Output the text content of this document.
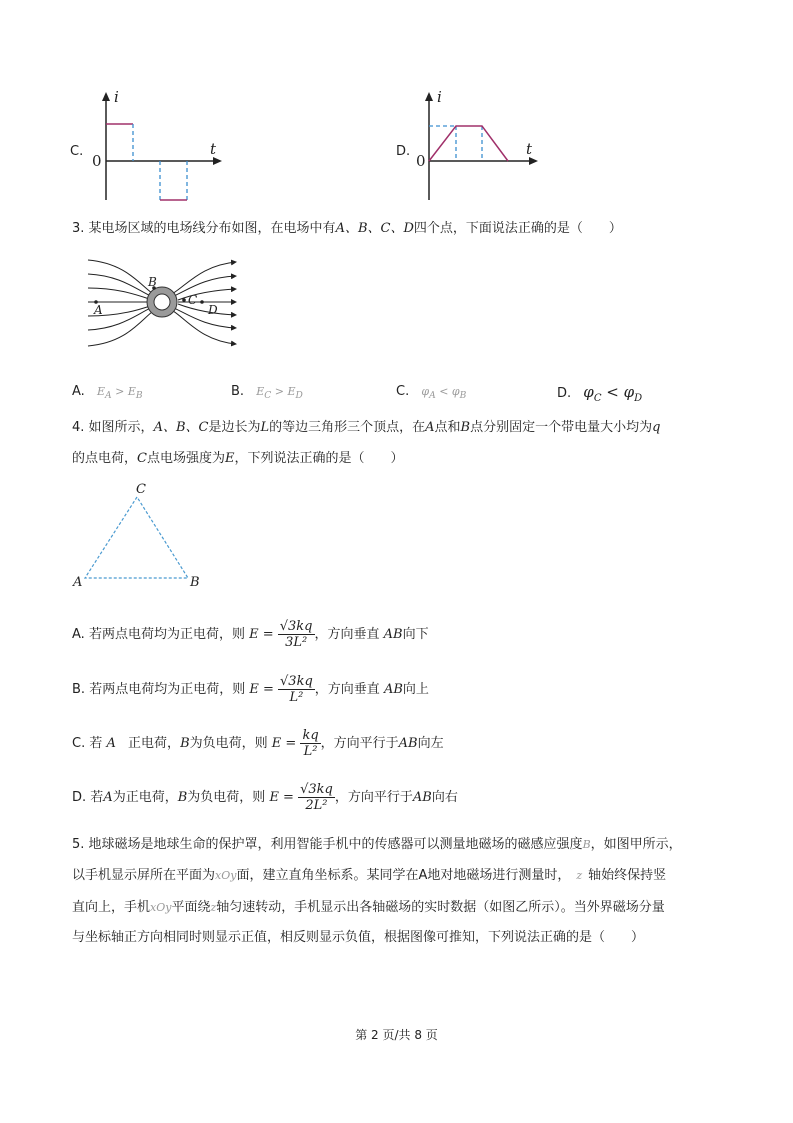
C.
i
t
0
D.
i
t
0
3. 某电场区域的电场线分布如图，在电场中有A、B、C、D四个点，下面说法正确的是（　　）
A
B
C
D
A. $E_A > E_B$	B. $E_C > E_D$	C. $\varphi_A < \varphi_B$	D. $\varphi_C < \varphi_D$
4. 如图所示，A、B、C是边长为L的等边三角形三个顶点，在A点和B点分别固定一个带电量大小均为q
的点电荷，C点电场强度为E，下列说法正确的是（　　）
C
A	B
A. 若两点电荷均为正电荷，则 $E = \frac{√3kq}{\text{3L²}}$ ，方向垂直 AB向下
B. 若两点电荷均为正电荷，则 $E = \frac{√3kq}{\text{L²}}$ ，方向垂直 AB向上
C. 若 A 正电荷，B为负电荷，则 $E = \frac{kq}{\text{L²}}$ ，方向平行于AB向左
D. 若A为正电荷，B为负电荷，则 $E = \frac{√3kq}{\text{2L²}}$ ，方向平行于AB向右
5. 地球磁场是地球生命的保护罩，利用智能手机中的传感器可以测量地磁场的磁感应强度B，如图甲所示，
以手机显示屏所在平面为xOy面，建立直角坐标系。某同学在A地对地磁场进行测量时， z 轴始终保持竖
直向上，手机xOy平面绕z轴匀速转动，手机显示出各轴磁场的实时数据（如图乙所示）。当外界磁场分量
与坐标轴正方向相同时则显示正值，相反则显示负值，根据图像可推知，下列说法正确的是（　　）
第 2 页/共 8 页
